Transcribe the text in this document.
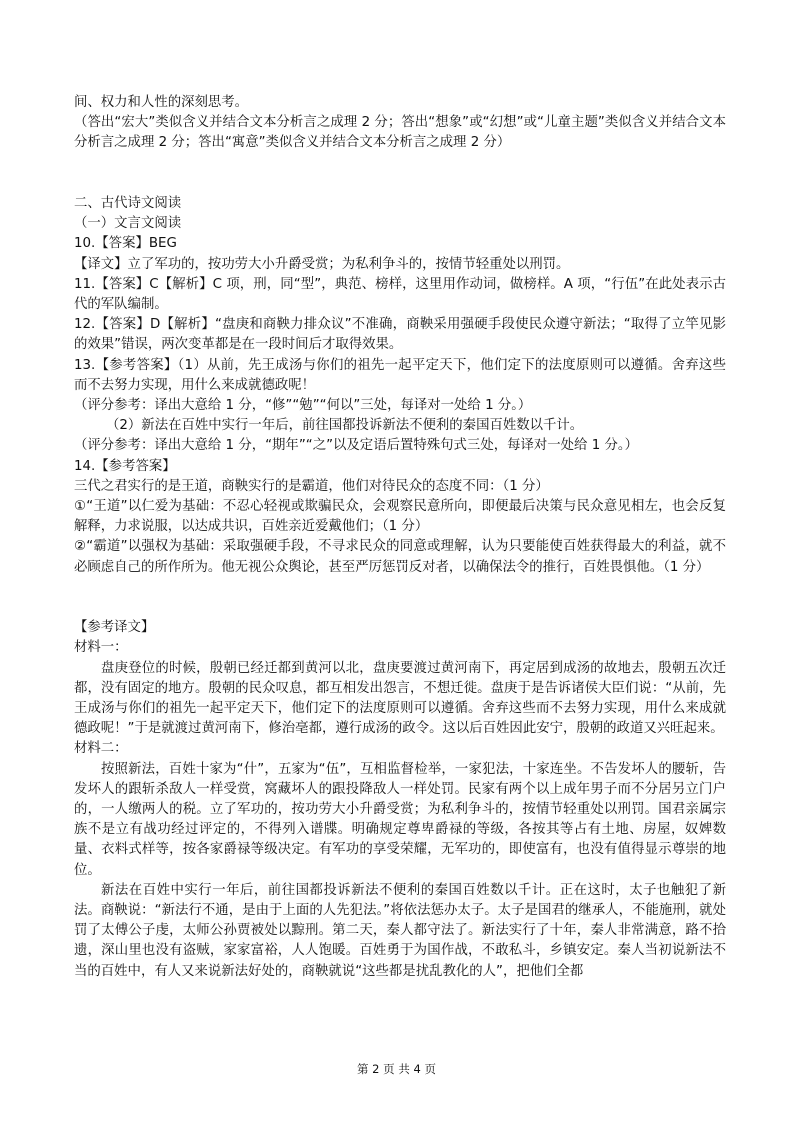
间、权力和人性的深刻思考。

（答出“宏大”类似含义并结合文本分析言之成理 2 分；答出“想象”或“幻想”或“儿童主题”类似含义并结合文本分析言之成理 2 分；答出“寓意”类似含义并结合文本分析言之成理 2 分）

二、古代诗文阅读

（一）文言文阅读

10.【答案】BEG

【译文】立了军功的，按功劳大小升爵受赏；为私利争斗的，按情节轻重处以刑罚。

11.【答案】C【解析】C 项，刑，同“型”，典范、榜样，这里用作动词，做榜样。A 项，“行伍”在此处表示古代的军队编制。

12.【答案】D【解析】“盘庚和商鞅力排众议”不准确，商鞅采用强硬手段使民众遵守新法；“取得了立竿见影的效果”错误，两次变革都是在一段时间后才取得效果。

13.【参考答案】（1）从前，先王成汤与你们的祖先一起平定天下，他们定下的法度原则可以遵循。舍弃这些而不去努力实现，用什么来成就德政呢！

（评分参考：译出大意给 1 分，“修”“勉”“何以”三处，每译对一处给 1 分。）

（2）新法在百姓中实行一年后，前往国都投诉新法不便利的秦国百姓数以千计。

（评分参考：译出大意给 1 分，“期年”“之”以及定语后置特殊句式三处，每译对一处给 1 分。）

14.【参考答案】

三代之君实行的是王道，商鞅实行的是霸道，他们对待民众的态度不同：（1 分）

①“王道”以仁爱为基础：不忍心轻视或欺骗民众，会观察民意所向，即便最后决策与民众意见相左，也会反复解释，力求说服，以达成共识，百姓亲近爱戴他们；（1 分）

②“霸道”以强权为基础：采取强硬手段，不寻求民众的同意或理解，认为只要能使百姓获得最大的利益，就不必顾虑自己的所作所为。他无视公众舆论，甚至严厉惩罚反对者，以确保法令的推行，百姓畏惧他。（1 分）

【参考译文】

材料一：

盘庚登位的时候，殷朝已经迁都到黄河以北，盘庚要渡过黄河南下，再定居到成汤的故地去，殷朝五次迁都，没有固定的地方。殷朝的民众叹息，都互相发出怨言，不想迁徙。盘庚于是告诉诸侯大臣们说：“从前，先王成汤与你们的祖先一起平定天下，他们定下的法度原则可以遵循。舍弃这些而不去努力实现，用什么来成就德政呢！”于是就渡过黄河南下，修治亳都，遵行成汤的政令。这以后百姓因此安宁，殷朝的政道又兴旺起来。

材料二：

按照新法，百姓十家为“什”，五家为“伍”，互相监督检举，一家犯法，十家连坐。不告发坏人的腰斩，告发坏人的跟斩杀敌人一样受赏，窝藏坏人的跟投降敌人一样处罚。民家有两个以上成年男子而不分居另立门户的，一人缴两人的税。立了军功的，按功劳大小升爵受赏；为私利争斗的，按情节轻重处以刑罚。国君亲属宗族不是立有战功经过评定的，不得列入谱牒。明确规定尊卑爵禄的等级，各按其等占有土地、房屋，奴婢数量、衣料式样等，按各家爵禄等级决定。有军功的享受荣耀，无军功的，即使富有，也没有值得显示尊崇的地位。

新法在百姓中实行一年后，前往国都投诉新法不便利的秦国百姓数以千计。正在这时，太子也触犯了新法。商鞅说：“新法行不通，是由于上面的人先犯法。”将依法惩办太子。太子是国君的继承人，不能施刑，就处罚了太傅公子虔，太师公孙贾被处以黥刑。第二天，秦人都守法了。新法实行了十年，秦人非常满意，路不拾遗，深山里也没有盗贼，家家富裕，人人饱暖。百姓勇于为国作战，不敢私斗，乡镇安定。秦人当初说新法不当的百姓中，有人又来说新法好处的，商鞅就说“这些都是扰乱教化的人”，把他们全都

第 2 页 共 4 页
